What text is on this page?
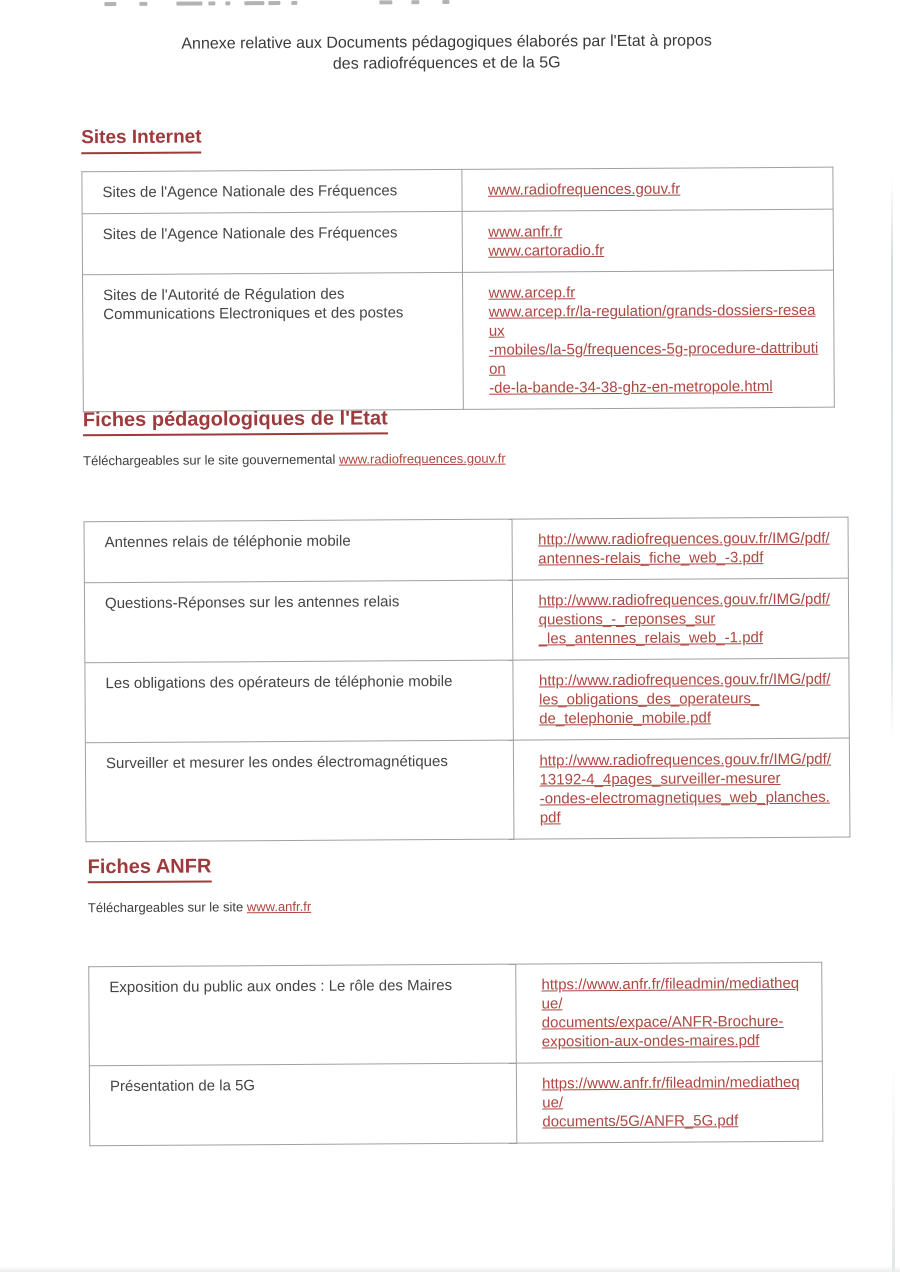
Annexe relative aux Documents pédagogiques élaborés par l'Etat à propos
des radiofréquences et de la 5G
Sites Internet
Sites de l'Agence Nationale des Fréquences	www.radiofrequences.gouv.fr

Sites de l'Agence Nationale des Fréquences	www.anfr.fr
www.cartoradio.fr

Sites de l'Autorité de Régulation des
Communications Electroniques et des postes	www.arcep.fr
www.arcep.fr/la-regulation/grands-dossiers-reseaux
-mobiles/la-5g/frequences-5g-procedure-dattribution
-de-la-bande-34-38-ghz-en-metropole.html
Fiches pédagologiques de l'Etat

Téléchargeables sur le site gouvernemental www.radiofrequences.gouv.fr

Antennes relais de téléphonie mobile	http://www.radiofrequences.gouv.fr/IMG/pdf/
antennes-relais_fiche_web_-3.pdf

Questions-Réponses sur les antennes relais	http://www.radiofrequences.gouv.fr/IMG/pdf/
questions_-_reponses_sur
_les_antennes_relais_web_-1.pdf

Les obligations des opérateurs de téléphonie mobile	http://www.radiofrequences.gouv.fr/IMG/pdf/
les_obligations_des_operateurs_
de_telephonie_mobile.pdf

Surveiller et mesurer les ondes électromagnétiques	http://www.radiofrequences.gouv.fr/IMG/pdf/
13192-4_4pages_surveiller-mesurer
-ondes-electromagnetiques_web_planches.pdf
Fiches ANFR

Téléchargeables sur le site www.anfr.fr

Exposition du public aux ondes : Le rôle des Maires	https://www.anfr.fr/fileadmin/mediatheque/
documents/expace/ANFR-Brochure-
exposition-aux-ondes-maires.pdf

Présentation de la 5G	https://www.anfr.fr/fileadmin/mediatheque/
documents/5G/ANFR_5G.pdf
